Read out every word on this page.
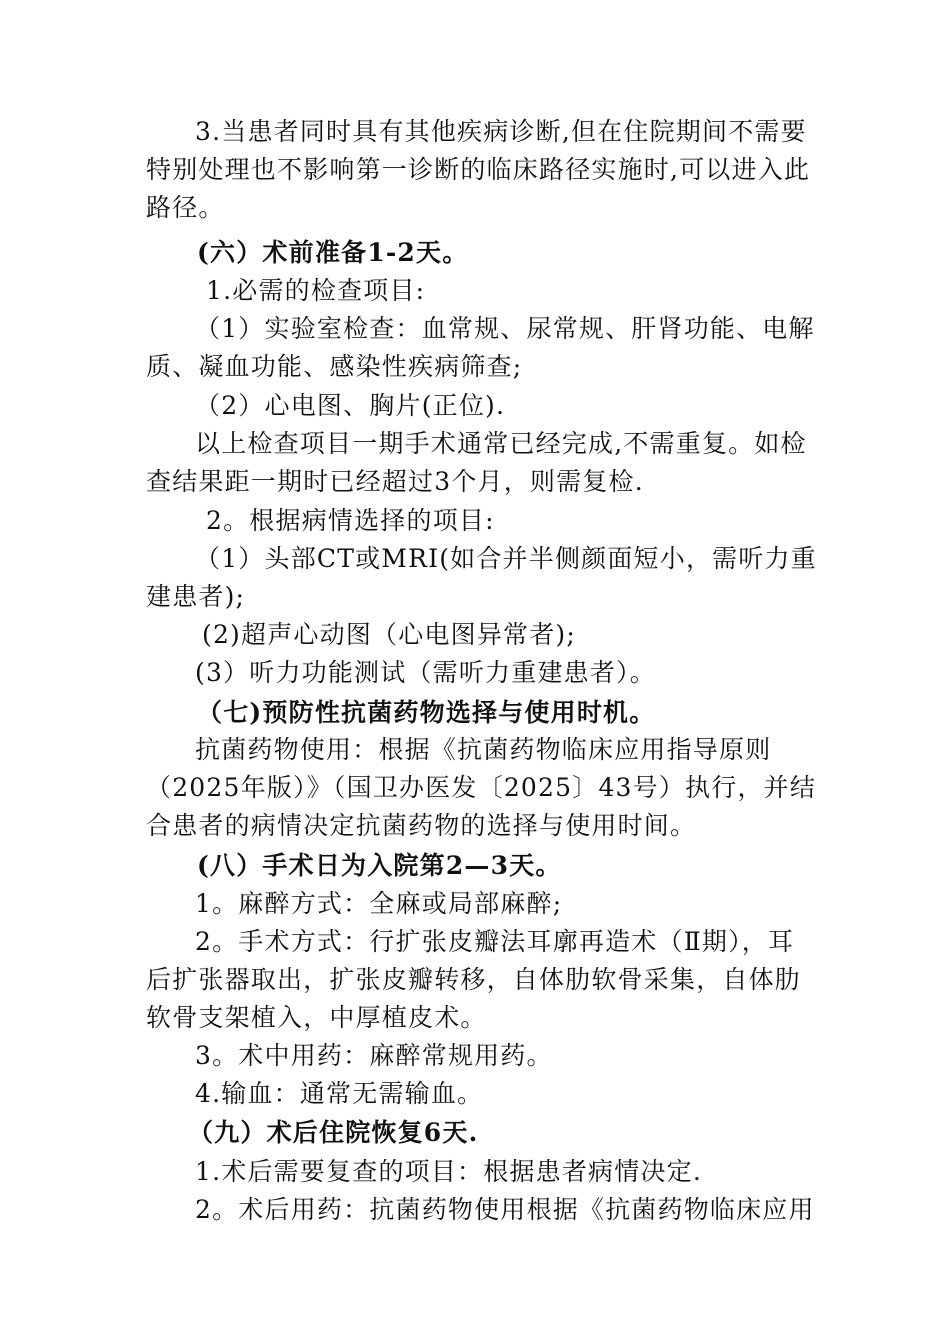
3.当患者同时具有其他疾病诊断,但在住院期间不需要
特别处理也不影响第一诊断的临床路径实施时,可以进入此
路径。
(六）术前准备1-2天。
1.必需的检查项目:
（1）实验室检查：血常规、尿常规、肝肾功能、电解
质、凝血功能、感染性疾病筛查;
（2）心电图、胸片(正位).
以上检查项目一期手术通常已经完成,不需重复。如检
查结果距一期时已经超过3个月，则需复检.
2。根据病情选择的项目:
（1）头部CT或MRI(如合并半侧颜面短小，需听力重
建患者);
(2)超声心动图（心电图异常者);
(3）听力功能测试（需听力重建患者）。
（七)预防性抗菌药物选择与使用时机。
抗菌药物使用：根据《抗菌药物临床应用指导原则
（2025年版）》（国卫办医发〔2025〕43号）执行，并结
合患者的病情决定抗菌药物的选择与使用时间。
(八）手术日为入院第2—3天。
1。麻醉方式：全麻或局部麻醉;
2。手术方式：行扩张皮瓣法耳廓再造术（Ⅱ期），耳
后扩张器取出，扩张皮瓣转移，自体肋软骨采集，自体肋
软骨支架植入，中厚植皮术。
3。术中用药：麻醉常规用药。
4.输血：通常无需输血。
（九）术后住院恢复6天.
1.术后需要复查的项目：根据患者病情决定.
2。术后用药：抗菌药物使用根据《抗菌药物临床应用
